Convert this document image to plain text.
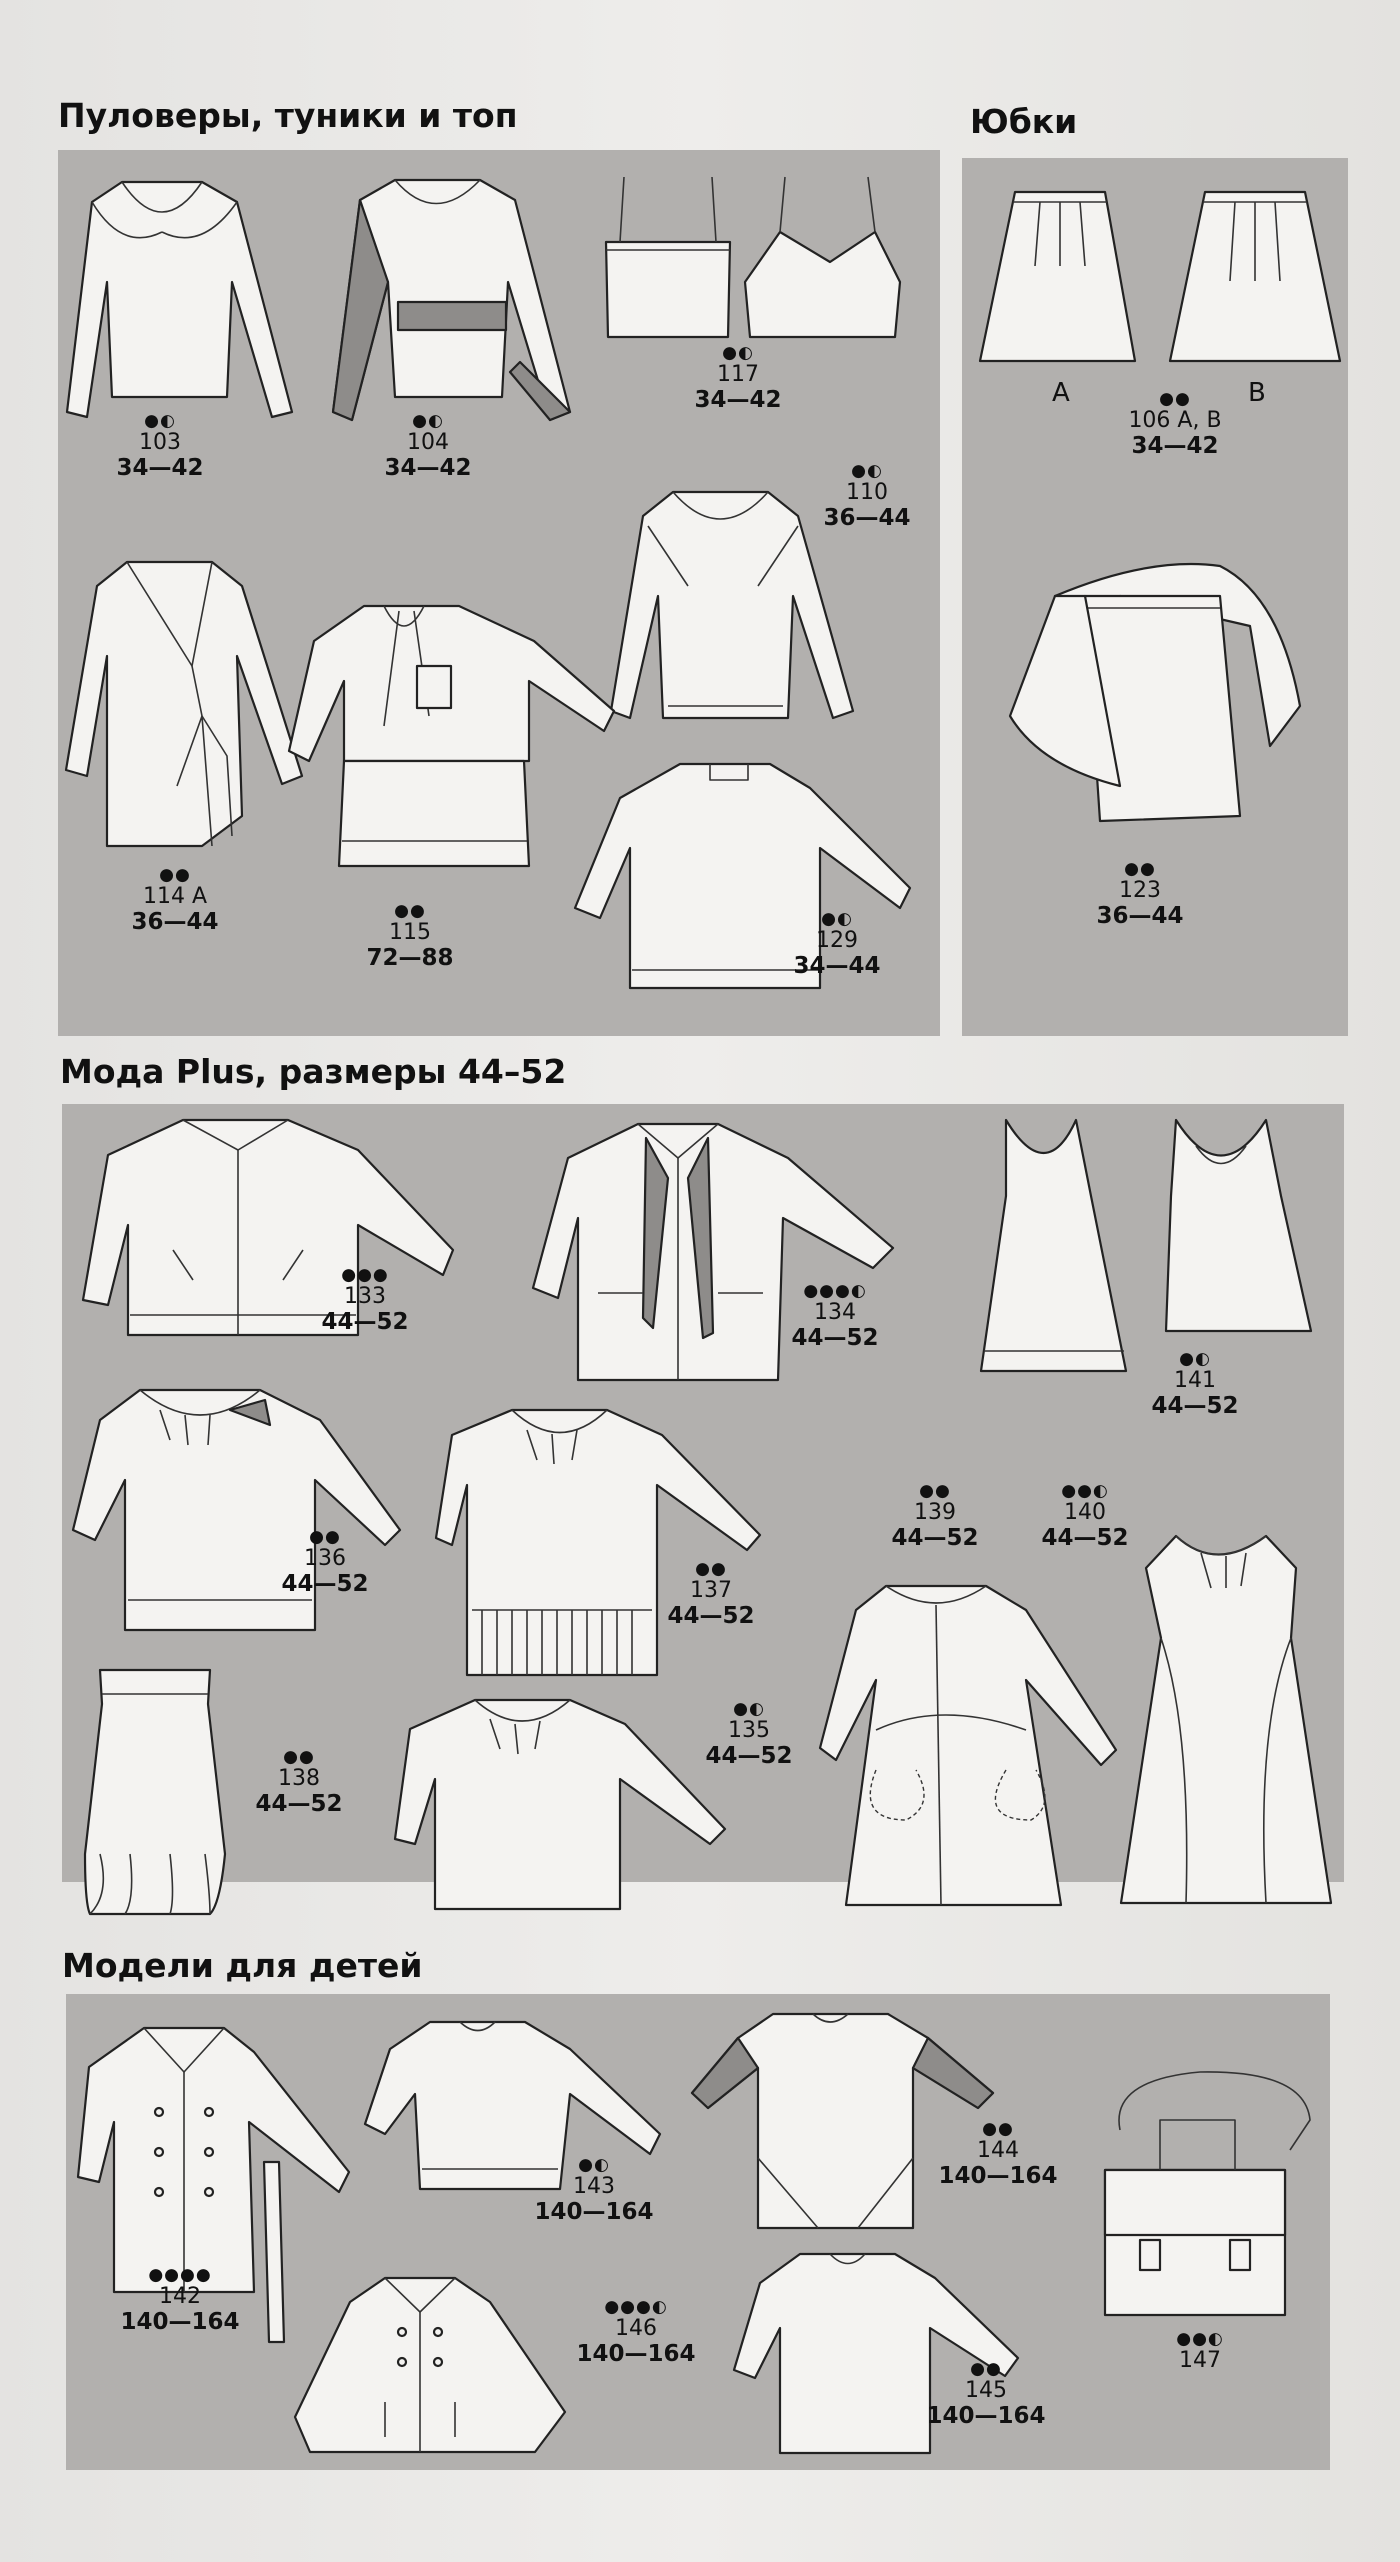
Пуловеры, туники и топ	Юбки
Мода Plus, размеры 44–52
Модели для детей
●◐
103
34—42
●◐
104
34—42
●◐
117
34—42
●◐
110
36—44
●●
114 A
36—44	●●
115
72—88
●◐
129
34—44
A	B
●●
106 A, B
34—42
●●
123
36—44
●●●
133
44—52
●●●◐
134
44—52
●◐
141
44—52
●●
136
44—52
●●
137
44—52
●●
139
44—52
●●◐
140
44—52
●●
138
44—52
●◐
135
44—52
●●●●
142
140—164
●◐
143
140—164
●●
144
140—164
●●◐
147
●●●◐
146
140—164
●●
145
140—164
